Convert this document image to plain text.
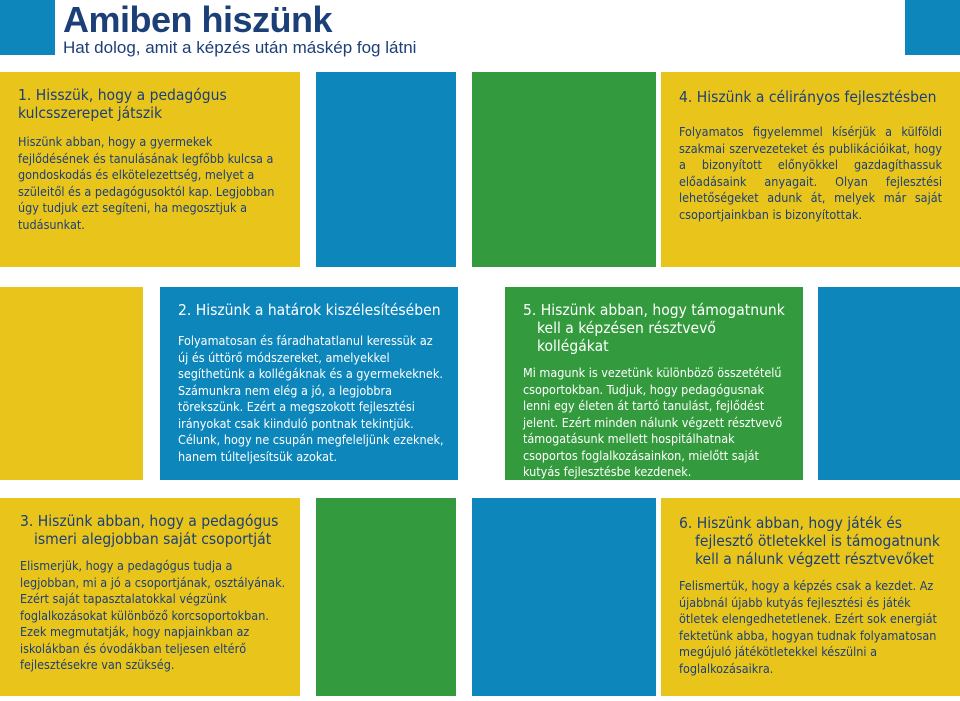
Amiben hiszünk
Hat dolog, amit a képzés után máskép fog látni

1. Hisszük, hogy a pedagógus
kulcsszerepet játszik

Hiszünk abban, hogy a gyermekek fejlődésének és tanulásának legfőbb kulcsa a gondoskodás és elkötelezettség, melyet a szüleitől és a pedagógusoktól kap. Legjobban úgy tudjuk ezt segíteni, ha megosztjuk a tudásunkat.

4. Hiszünk a célirányos fejlesztésben

Folyamatos figyelemmel kísérjük a külföldi szakmai szervezeteket és publikációikat, hogy a bizonyított előnyökkel gazdagíthassuk előadásaink anyagait. Olyan fejlesztési lehetőségeket adunk át, melyek már saját csoportjainkban is bizonyítottak.

2. Hiszünk a határok kiszélesítésében

Folyamatosan és fáradhatatlanul keressük az új és úttörő módszereket, amelyekkel segíthetünk a kollégáknak és a gyermekeknek. Számunkra nem elég a jó, a legjobbra törekszünk. Ezért a megszokott fejlesztési irányokat csak kiinduló pontnak tekintjük. Célunk, hogy ne csupán megfeleljünk ezeknek, hanem túlteljesítsük azokat.

5. Hiszünk abban, hogy támogatnunk
kell a képzésen résztvevő kollégákat

Mi magunk is vezetünk különböző összetételű csoportokban. Tudjuk, hogy pedagógusnak lenni egy életen át tartó tanulást, fejlődést jelent. Ezért minden nálunk végzett résztvevő támogatásunk mellett hospitálhatnak csoportos foglalkozásainkon, mielőtt saját kutyás fejlesztésbe kezdenek.

3. Hiszünk abban, hogy a pedagógus
ismeri alegjobban saját csoportját

Elismerjük, hogy a pedagógus tudja a legjobban, mi a jó a csoportjának, osztályának. Ezért saját tapasztalatokkal végzünk foglalkozásokat különböző korcsoportokban. Ezek megmutatják, hogy napjainkban az iskolákban és óvodákban teljesen eltérő fejlesztésekre van szükség.

6. Hiszünk abban, hogy játék és
fejlesztő ötletekkel is támogatnunk
kell a nálunk végzett résztvevőket

Felismertük, hogy a képzés csak a kezdet. Az újabbnál újabb kutyás fejlesztési és játék ötletek elengedhetetlenek. Ezért sok energiát fektetünk abba, hogyan tudnak folyamatosan megújuló játékötletekkel készülni a foglalkozásaikra.
